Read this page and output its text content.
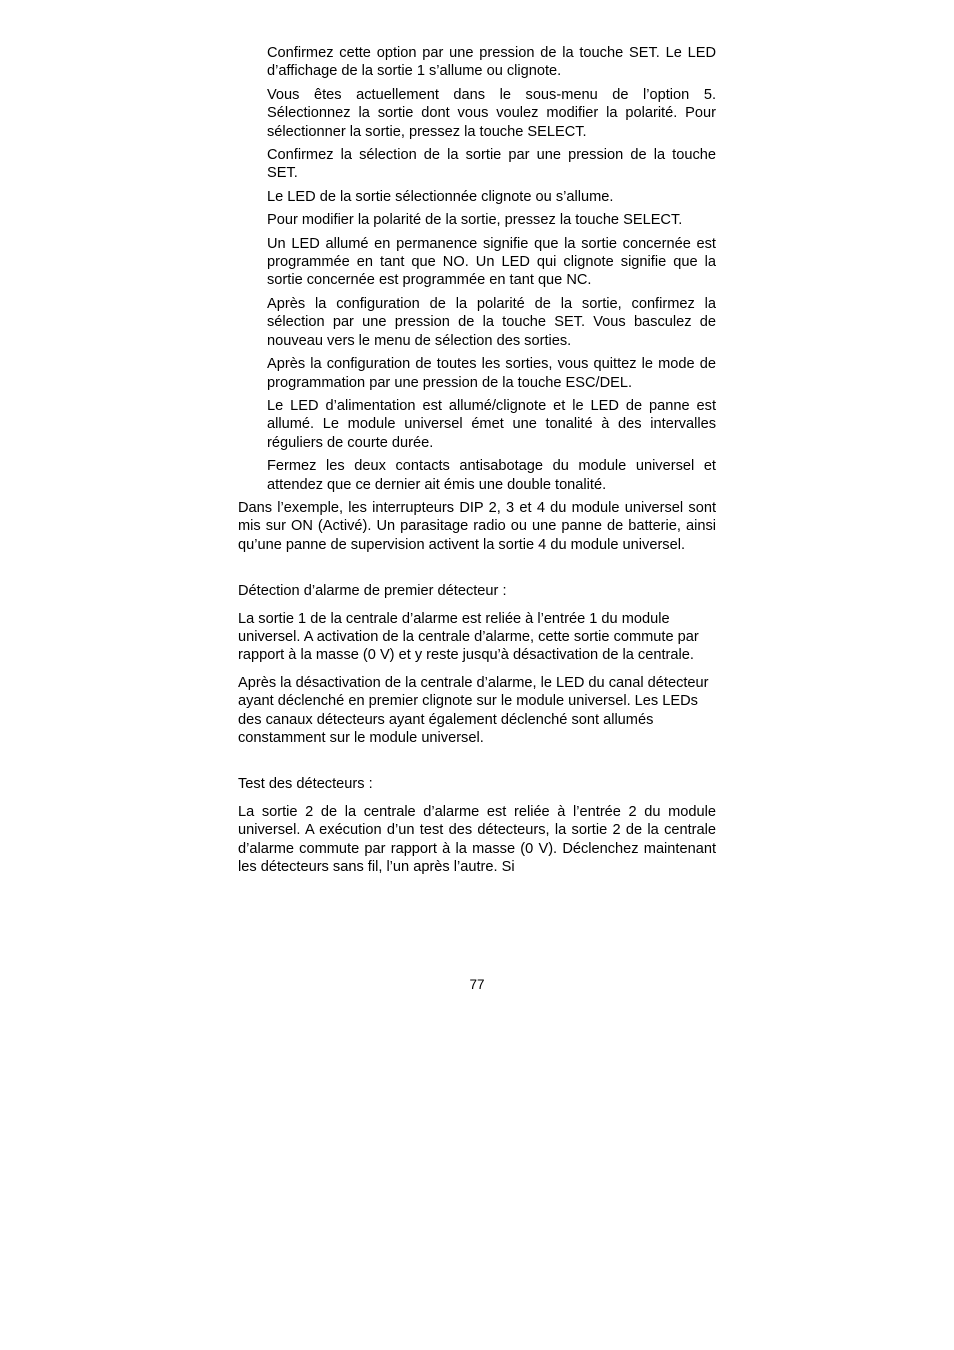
Confirmez cette option par une pression de la touche SET. Le LED d’affichage de la sortie 1 s’allume ou clignote.

Vous êtes actuellement dans le sous-menu de l’option 5. Sélectionnez la sortie dont vous voulez modifier la polarité. Pour sélectionner la sortie, pressez la touche SELECT.

Confirmez la sélection de la sortie par une pression de la touche SET.

Le LED de la sortie sélectionnée clignote ou s’allume.

Pour modifier la polarité de la sortie, pressez la touche SELECT.

Un LED allumé en permanence signifie que la sortie concernée est programmée en tant que NO. Un LED qui clignote signifie que la sortie concernée est programmée en tant que NC.

Après la configuration de la polarité de la sortie, confirmez la sélection par une pression de la touche SET. Vous basculez de nouveau vers le menu de sélection des sorties.

Après la configuration de toutes les sorties, vous quittez le mode de programmation par une pression de la touche ESC/DEL.

Le LED d’alimentation est allumé/clignote et le LED de panne est allumé. Le module universel émet une tonalité à des intervalles réguliers de courte durée.

Fermez les deux contacts antisabotage du module universel et attendez que ce dernier ait émis une double tonalité.

Dans l’exemple, les interrupteurs DIP 2, 3 et 4 du module universel sont mis sur ON (Activé). Un parasitage radio ou une panne de batterie, ainsi qu’une panne de supervision activent la sortie 4 du module universel.

Détection d’alarme de premier détecteur :

La sortie 1 de la centrale d’alarme est reliée à l’entrée 1 du module universel. A activation de la centrale d’alarme, cette sortie commute par rapport à la masse (0 V) et y reste jusqu’à désactivation de la centrale.

Après la désactivation de la centrale d’alarme, le LED du canal détecteur ayant déclenché en premier clignote sur le module universel. Les LEDs des canaux détecteurs ayant également déclenché sont allumés constamment sur le module universel.

Test des détecteurs :

La sortie 2 de la centrale d’alarme est reliée à l’entrée 2 du module universel. A exécution d’un test des détecteurs, la sortie 2 de la centrale d’alarme commute par rapport à la masse (0 V). Déclenchez maintenant les détecteurs sans fil, l’un après l’autre. Si

77
